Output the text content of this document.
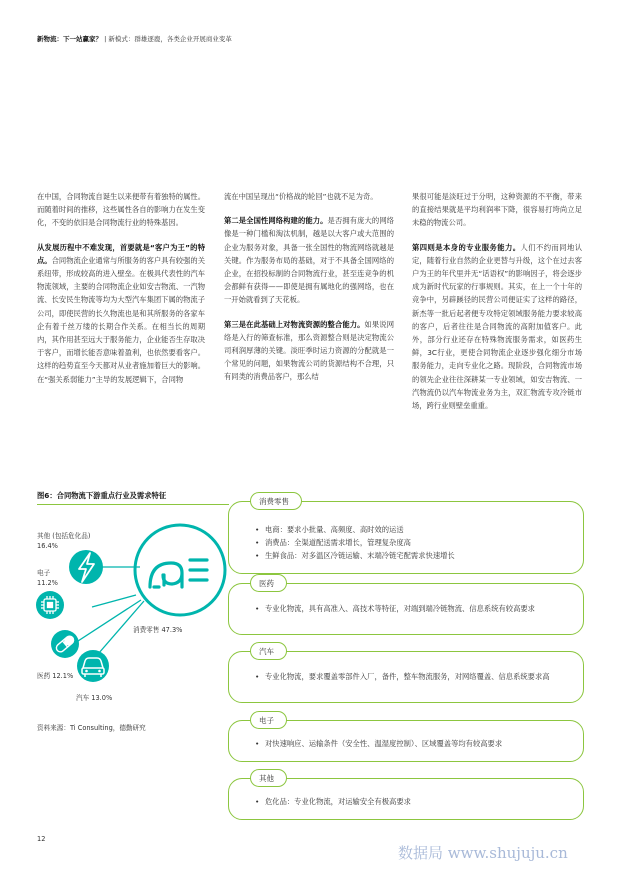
新物流：下一站赢家？ | 新模式：群雄逐鹿，各类企业开展商业变革

在中国，合同物流自诞生以来便带有着独特的属性。而随着时间的推移，这些属性各自的影响力在发生变化，不变的依旧是合同物流行业的特殊基因。

从发展历程中不难发现，首要就是“客户为王”的特点。合同物流企业通常与所服务的客户具有较强的关系纽带，形成较高的进入壁垒。在极具代表性的汽车物流领域，主要的合同物流企业如安吉物流、一汽物流、长安民生物流等均为大型汽车集团下属的物流子公司，即使民营的长久物流也是和其所服务的各家车企有着千丝万缕的长期合作关系。在相当长的周期内，其作用甚至远大于服务能力，企业能否生存取决于客户，而增长能否意味着盈利，也依然要看客户。这样的趋势直至今天都对从业者施加着巨大的影响。在“强关系弱能力”主导的发展逻辑下，合同物

流在中国呈现出“价格战的轮回”也就不足为奇。

第二是全国性网络构建的能力。是否拥有庞大的网络像是一种门槛和淘汰机制，越是以大客户或大范围的企业为服务对象，具备一张全国性的物流网络就越是关键。作为服务布局的基础，对于不具备全国网络的企业，在招投标制的合同物流行业，甚至连竞争的机会都鲜有获得——即使是拥有属地化的强网络，也在一开始就看到了天花板。

第三是在此基础上对物流资源的整合能力。如果说网络是入行的筛查标准，那么资源整合则是决定物流公司利润厚薄的关键。淡旺季时运力资源的分配就是一个常见的问题，如果物流公司的货源结构不合理，只有同类的消费品客户，那么结

果很可能是淡旺过于分明，这种资源的不平衡，带来的直接结果就是平均利润率下降，很容易打垮尚立足未稳的物流公司。

第四则是本身的专业服务能力。人们不约而同地认定，随着行业自然的企业更替与升级，这个在过去客户为王的年代里并无“话语权”的影响因子，将会逐步成为新时代玩家的行事规则。其实，在上一个十年的竞争中，另辟蹊径的民营公司便证实了这样的路径，新杰等一批后起者便专攻特定领域服务能力要求较高的客户，后者往往是合同物流的高附加值客户。此外，部分行业还存在特殊物流服务需求，如医药生鲜，3C行业，更使合同物流企业逐步强化细分市场服务能力，走向专业化之路。现阶段，合同物流市场的领先企业往往深耕某一专业领域，如安吉物流、一汽物流仍以汽车物流业务为主，双汇物流专攻冷链市场，跨行业则壁垒重重。

图6：合同物流下游重点行业及需求特征
其他 (包括危化品)
16.4%
电子
11.2%
医药 12.1%
汽车 13.0%
消费零售 47.3%
资料来源：Ti Consulting，德勤研究
消费零售
• 电商：要求小批量、高频度、高时效的运送
• 消费品：全渠道配送需求增长，管理复杂度高
• 生鲜食品：对多温区冷链运输、末端冷链宅配需求快速增长
医药
• 专业化物流，具有高准入、高技术等特征，对端到端冷链物流、信息系统有较高要求
汽车
• 专业化物流，要求覆盖零部件入厂，备件，整车物流服务，对网络覆盖、信息系统要求高
电子
• 对快速响应、运输条件（安全性、温湿度控制）、区域覆盖等均有较高要求
其他
• 危化品：专业化物流，对运输安全有极高要求
12
数据局 www.shujuju.cn
